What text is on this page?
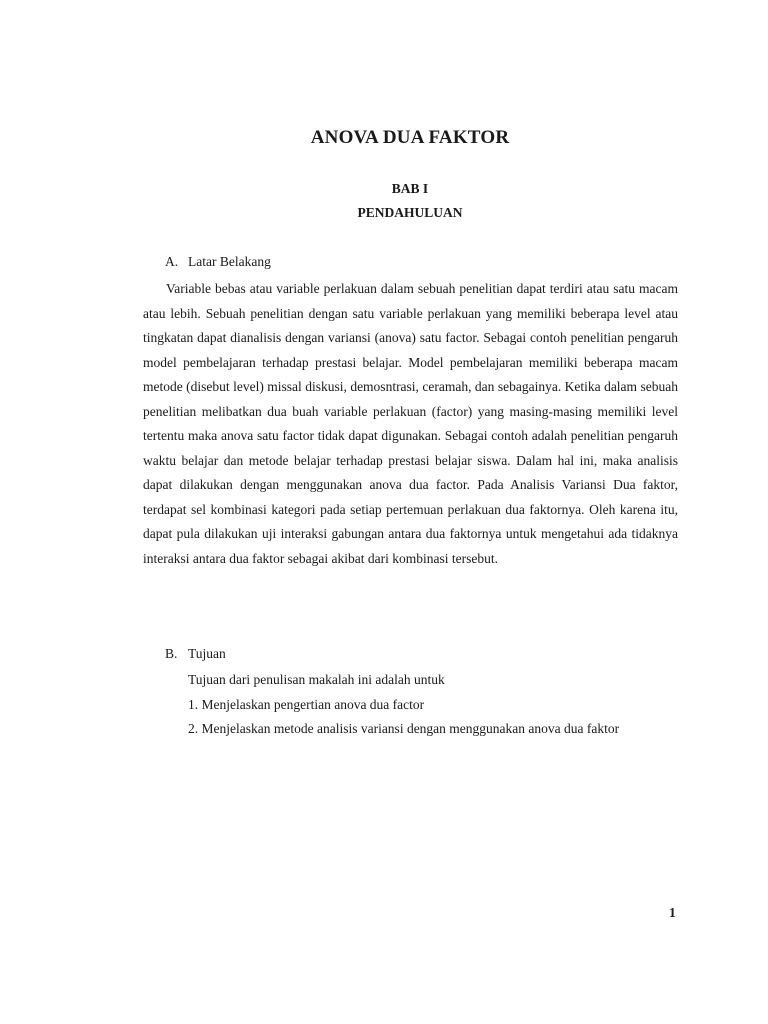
ANOVA DUA FAKTOR
BAB I
PENDAHULUAN
A. Latar Belakang

Variable bebas atau variable perlakuan dalam sebuah penelitian dapat terdiri atau satu macam atau lebih. Sebuah penelitian dengan satu variable perlakuan yang memiliki beberapa level atau tingkatan dapat dianalisis dengan variansi (anova) satu factor. Sebagai contoh penelitian pengaruh model pembelajaran terhadap prestasi belajar. Model pembelajaran memiliki beberapa macam metode (disebut level) missal diskusi, demosntrasi, ceramah, dan sebagainya. Ketika dalam sebuah penelitian melibatkan dua buah variable perlakuan (factor) yang masing-masing memiliki level tertentu maka anova satu factor tidak dapat digunakan. Sebagai contoh adalah penelitian pengaruh waktu belajar dan metode belajar terhadap prestasi belajar siswa. Dalam hal ini, maka analisis dapat dilakukan dengan menggunakan anova dua factor. Pada Analisis Variansi Dua faktor, terdapat sel kombinasi kategori pada setiap pertemuan perlakuan dua faktornya. Oleh karena itu, dapat pula dilakukan uji interaksi gabungan antara dua faktornya untuk mengetahui ada tidaknya interaksi antara dua faktor sebagai akibat dari kombinasi tersebut.

B. Tujuan
Tujuan dari penulisan makalah ini adalah untuk
1. Menjelaskan pengertian anova dua factor
2. Menjelaskan metode analisis variansi dengan menggunakan anova dua faktor
1
